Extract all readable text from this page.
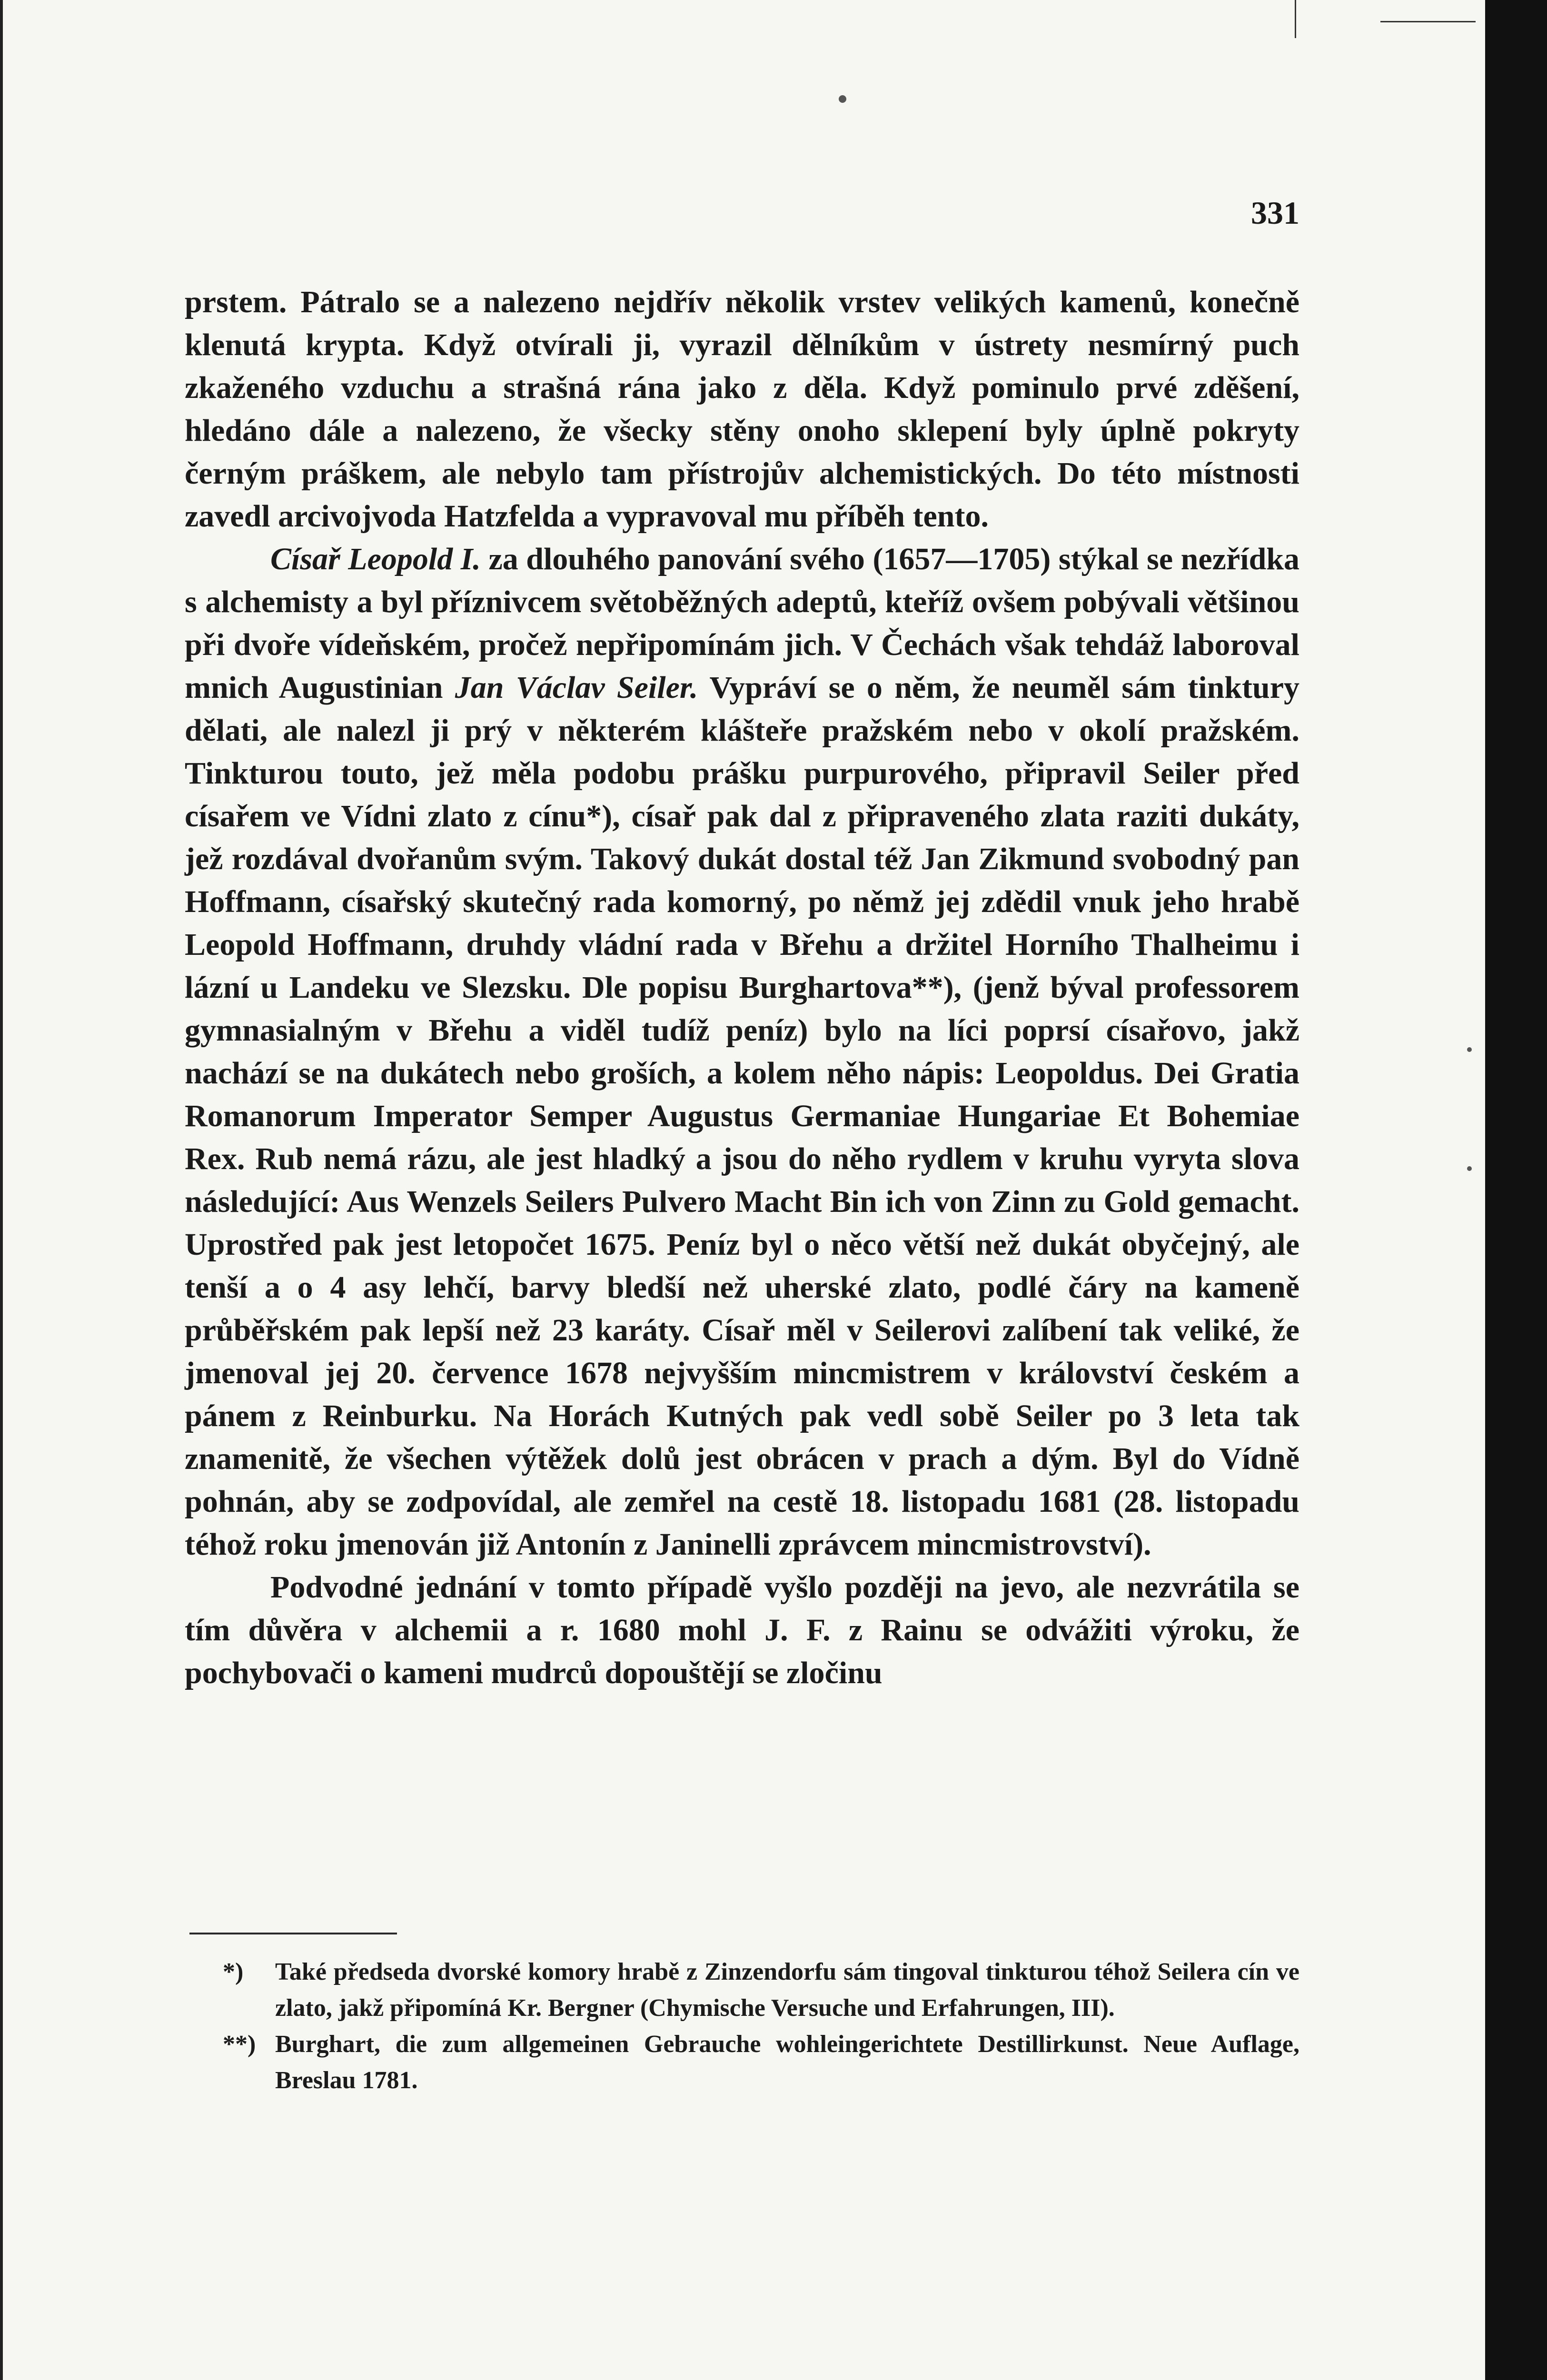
331

prstem. Pátralo se a nalezeno nejdřív několik vrstev velikých kamenů, konečně klenutá krypta. Když otvírali ji, vyrazil dělníkům v ústrety nesmírný puch zkaženého vzduchu a strašná rána jako z děla. Když pominulo prvé zděšení, hledáno dále a nalezeno, že všecky stěny onoho sklepení byly úplně pokryty černým práškem, ale nebylo tam přístrojův alchemistických. Do této místnosti zavedl arcivojvoda Hatzfelda a vypravoval mu příběh tento.

Císař Leopold I. za dlouhého panování svého (1657—1705) stýkal se nezřídka s alchemisty a byl příznivcem světoběžných adeptů, kteříž ovšem pobývali většinou při dvoře vídeňském, pročež nepřipomínám jich. V Čechách však tehdáž laboroval mnich Augustinian Jan Václav Seiler. Vypráví se o něm, že neuměl sám tinktury dělati, ale nalezl ji prý v některém klášteře pražském nebo v okolí pražském. Tinkturou touto, jež měla podobu prášku purpurového, připravil Seiler před císařem ve Vídni zlato z cínu*), císař pak dal z připraveného zlata raziti dukáty, jež rozdával dvořanům svým. Takový dukát dostal též Jan Zikmund svobodný pan Hoffmann, císařský skutečný rada komorný, po němž jej zdědil vnuk jeho hrabě Leopold Hoffmann, druhdy vládní rada v Břehu a držitel Horního Thalheimu i lázní u Landeku ve Slezsku. Dle popisu Burghartova**), (jenž býval professorem gymnasialným v Břehu a viděl tudíž peníz) bylo na líci poprsí císařovo, jakž nachází se na dukátech nebo groších, a kolem něho nápis: Leopoldus. Dei Gratia Romanorum Imperator Semper Augustus Germaniae Hungariae Et Bohemiae Rex. Rub nemá rázu, ale jest hladký a jsou do něho rydlem v kruhu vyryta slova následující: Aus Wenzels Seilers Pulvero Macht Bin ich von Zinn zu Gold gemacht. Uprostřed pak jest letopočet 1675. Peníz byl o něco větší než dukát obyčejný, ale tenší a o 4 asy lehčí, barvy bledší než uherské zlato, podlé čáry na kameně průběřském pak lepší než 23 karáty. Císař měl v Seilerovi zalíbení tak veliké, že jmenoval jej 20. července 1678 nejvyšším mincmistrem v království českém a pánem z Reinburku. Na Horách Kutných pak vedl sobě Seiler po 3 leta tak znamenitě, že všechen výtěžek dolů jest obrácen v prach a dým. Byl do Vídně pohnán, aby se zodpovídal, ale zemřel na cestě 18. listopadu 1681 (28. listopadu téhož roku jmenován již Antonín z Janinelli zprávcem mincmistrovství).

Podvodné jednání v tomto případě vyšlo později na jevo, ale nezvrátila se tím důvěra v alchemii a r. 1680 mohl J. F. z Rainu se odvážiti výroku, že pochybovači o kameni mudrců dopouštějí se zločinu

*) Také předseda dvorské komory hrabě z Zinzendorfu sám tingoval tinkturou téhož Seilera cín ve zlato, jakž připomíná Kr. Bergner (Chymische Versuche und Erfahrungen, III).

**) Burghart, die zum allgemeinen Gebrauche wohleingerichtete Destillirkunst. Neue Auflage, Breslau 1781.
